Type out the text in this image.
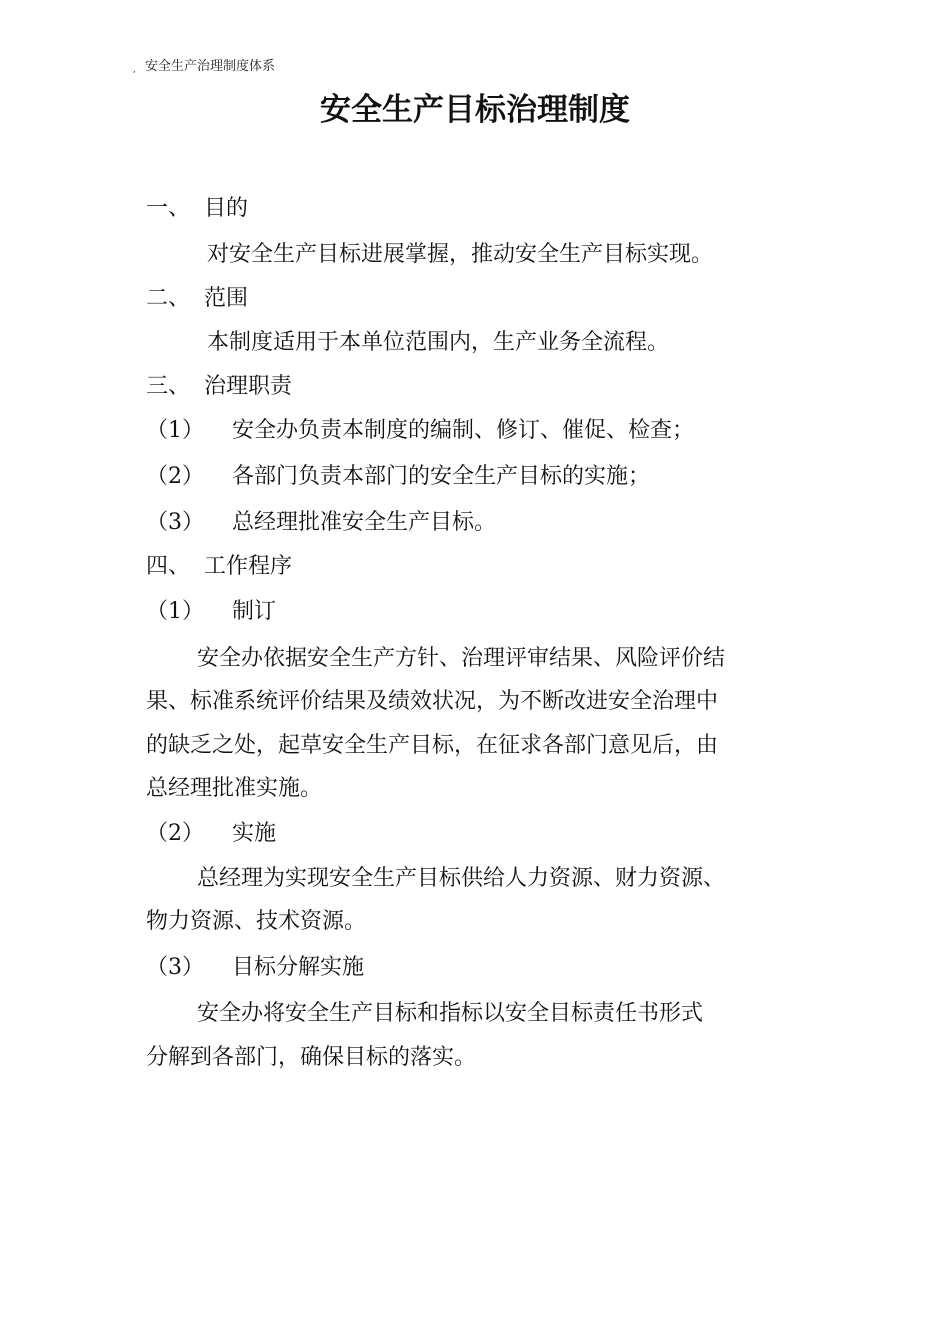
, 安全生产治理制度体系
安全生产目标治理制度
一、 目的
对安全生产目标进展掌握，推动安全生产目标实现。
二、 范围
本制度适用于本单位范围内，生产业务全流程。
三、 治理职责
（1） 安全办负责本制度的编制、修订、催促、检查；
（2） 各部门负责本部门的安全生产目标的实施；
（3） 总经理批准安全生产目标。
四、 工作程序
（1） 制订
安全办依据安全生产方针、治理评审结果、风险评价结
果、标准系统评价结果及绩效状况，为不断改进安全治理中
的缺乏之处，起草安全生产目标，在征求各部门意见后，由
总经理批准实施。
（2） 实施
总经理为实现安全生产目标供给人力资源、财力资源、
物力资源、技术资源。
（3） 目标分解实施
安全办将安全生产目标和指标以安全目标责任书形式
分解到各部门，确保目标的落实。
